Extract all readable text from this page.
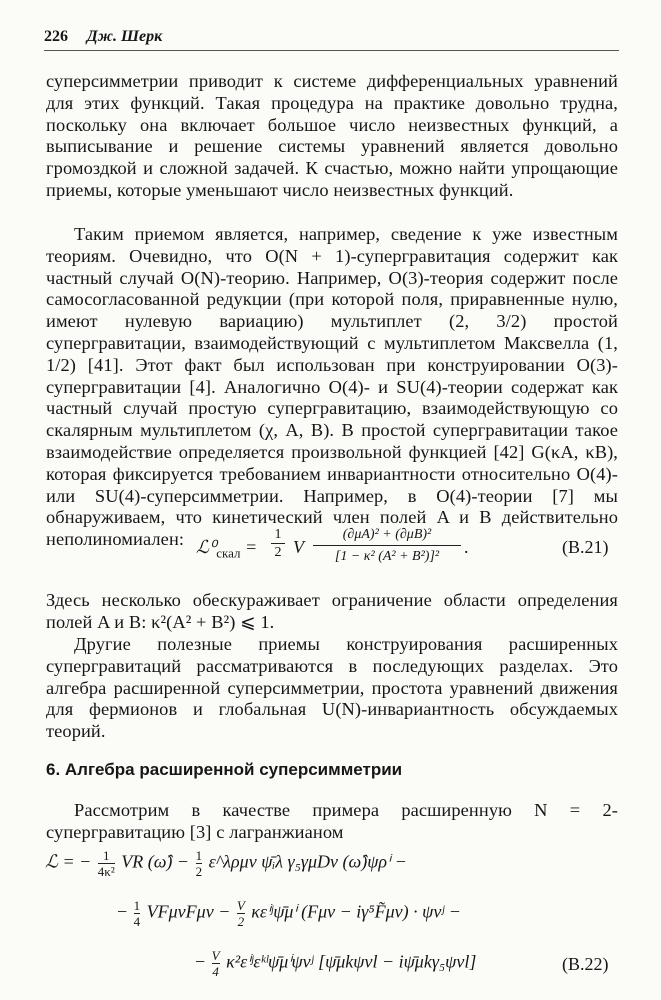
226 Дж. Шерк
суперсимметрии приводит к системе дифференциальных уравнений для этих функций. Такая процедура на практике довольно трудна, поскольку она включает большое число неизвестных функций, а выписывание и решение системы уравнений является довольно громоздкой и сложной задачей. К счастью, можно найти упрощающие приемы, которые уменьшают число неизвестных функций.
Таким приемом является, например, сведение к уже известным теориям. Очевидно, что O(N + 1)-супергравитация содержит как частный случай O(N)-теорию. Например, O(3)-теория содержит после самосогласованной редукции (при которой поля, приравненные нулю, имеют нулевую вариацию) мультиплет (2, 3/2) простой супергравитации, взаимодействующий с мультиплетом Максвелла (1, 1/2) [41]. Этот факт был использован при конструировании O(3)-супергравитации [4]. Аналогично O(4)- и SU(4)-теории содержат как частный случай простую супергравитацию, взаимодействующую со скалярным мультиплетом (χ, A, B). В простой супергравитации такое взаимодействие определяется произвольной функцией [42] G(κA, κB), которая фиксируется требованием инвариантности относительно O(4)- или SU(4)-суперсимметрии. Например, в O(4)-теории [7] мы обнаруживаем, что кинетический член полей A и B действительно неполиномиален: $ℒ^0_{скал}$ =
1
2 V
(∂μA)² + (∂μB)²
[1 − κ² (A² + B²)]²	.	(B.21)
Здесь несколько обескураживает ограничение области определения полей A и B: κ²(A² + B²) ⩽ 1.
Другие полезные приемы конструирования расширенных супергравитаций рассматриваются в последующих разделах. Это алгебра расширенной суперсимметрии, простота уравнений движения для фермионов и глобальная U(N)-инвариантность обсуждаемых теорий.
6. Алгебра расширенной суперсимметрии
Рассмотрим в качестве примера расширенную N = 2-супергравитацию [3] с лагранжианом
ℒ = − $\frac{1}{\text{4κ²}}$ VR (ω̂) − $\frac{1}{2}$ ε^λρμν ψ̄ᵢλ γ₅γμDν (ω̂)ψρⁱ −
− $\frac{1}{4}$ $VF\mu\nu F\mu\nu - \frac{V}{2}$ κεⁱʲψ̄μⁱ (Fμν − iγ⁵F̃μν) · ψνʲ −
− $\frac{V}{4}$ κ²εⁱʲεᵏˡψ̄μⁱψνʲ [ψ̄μkψνl − iψ̄μkγ₅ψνl]	(B.22)
